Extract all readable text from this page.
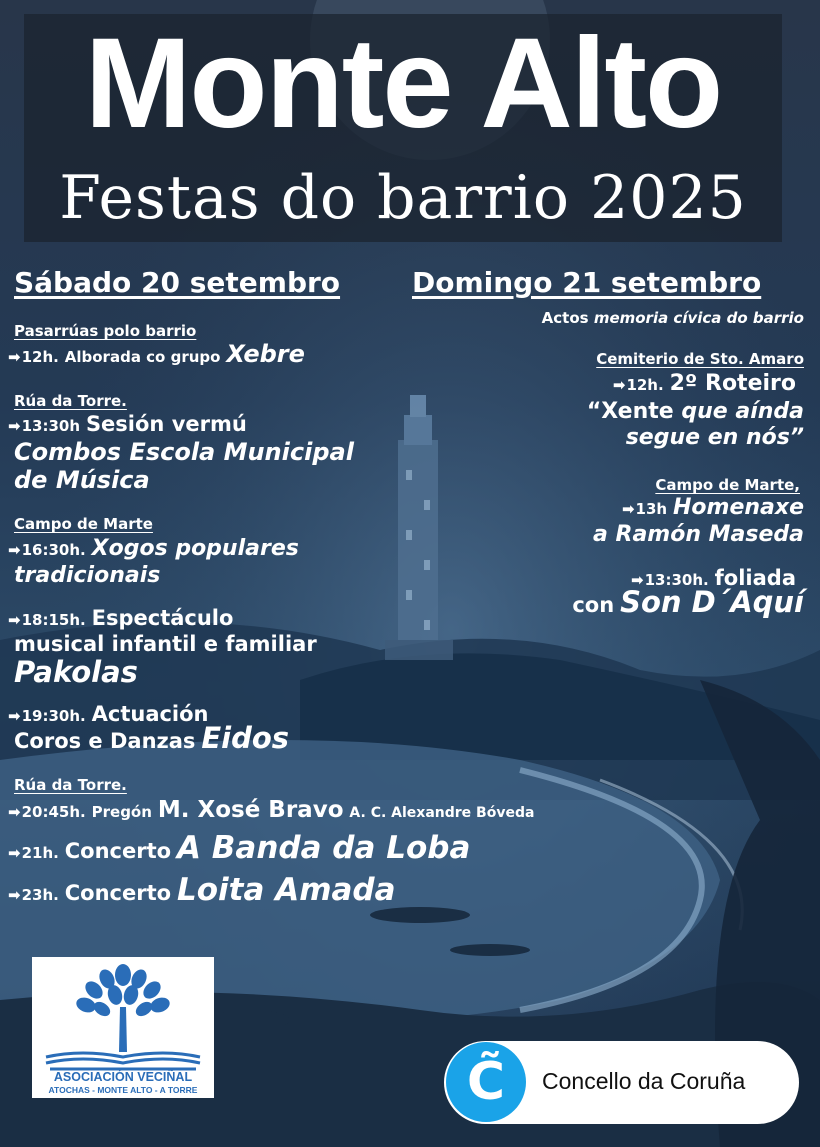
Monte Alto
Festas do barrio 2025
Sábado 20 setembro
Pasarrúas polo barrio
➡12h. Alborada co grupo Xebre
Rúa da Torre.
➡13:30h Sesión vermú
Combos Escola Municipal
de Música
Campo de Marte
➡16:30h. Xogos populares
tradicionais
➡18:15h. Espectáculo
musical infantil e familiar
Pakolas
➡19:30h. Actuación
Coros e Danzas Eidos
Rúa da Torre.
➡20:45h. Pregón M. Xosé Bravo A. C. Alexandre Bóveda
➡21h. Concerto A Banda da Loba
➡23h. Concerto Loita Amada
Domingo 21 setembro
Actos memoria cívica do barrio
Cemiterio de Sto. Amaro
➡12h. 2º Roteiro
“Xente que aínda
segue en nós”
Campo de Marte,
➡13h Homenaxe
a Ramón Maseda
➡13:30h. foliada
con Son D´Aquí
ASOCIACIÓN VECIÑAL
ATOCHAS - MONTE ALTO - A TORRE	C̃	Concello da Coruña
